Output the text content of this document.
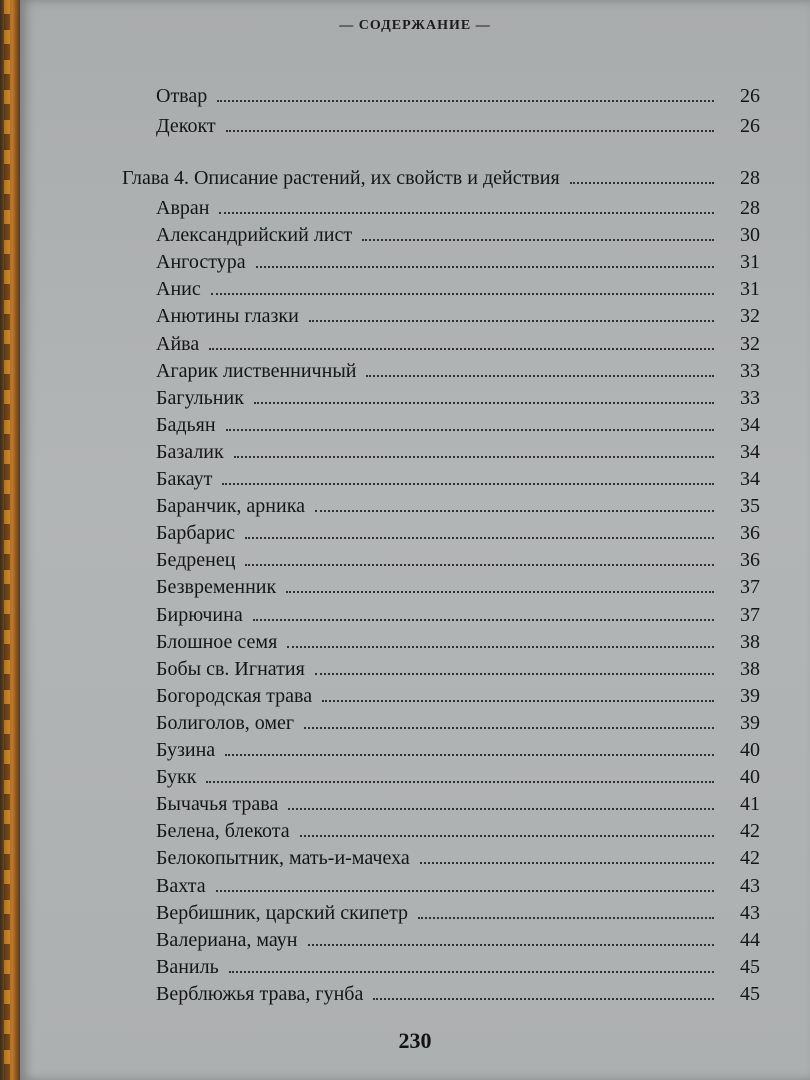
— СОДЕРЖАНИЕ —
Отвар	26
Декокт	26
Глава 4. Описание растений, их свойств и действия	28
Авран	28
Александрийский лист	30
Ангостура	31
Анис	31
Анютины глазки	32
Айва	32
Агарик лиственничный	33
Багульник	33
Бадьян	34
Базалик	34
Бакаут	34
Баранчик, арника	35
Барбарис	36
Бедренец	36
Безвременник	37
Бирючина	37
Блошное семя	38
Бобы св. Игнатия	38
Богородская трава	39
Болиголов, омег	39
Бузина	40
Букк	40
Бычачья трава	41
Белена, блекота	42
Белокопытник, мать-и-мачеха	42
Вахта	43
Вербишник, царский скипетр	43
Валериана, маун	44
Ваниль	45
Верблюжья трава, гунба	45
230
